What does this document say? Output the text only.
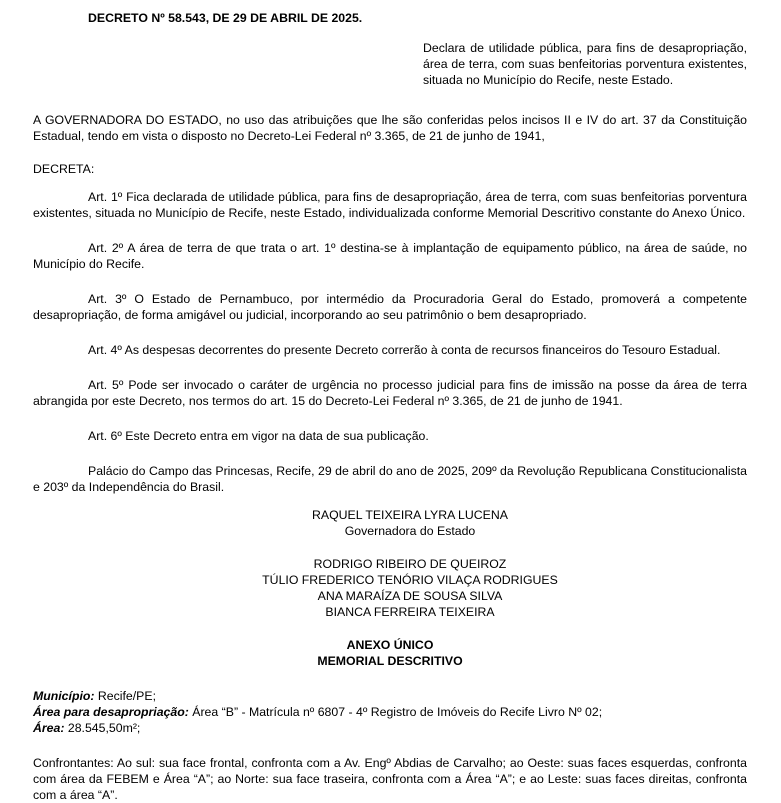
DECRETO Nº 58.543, DE 29 DE ABRIL DE 2025.

Declara de utilidade pública, para fins de desapropriação, área de terra, com suas benfeitorias porventura existentes, situada no Município do Recife, neste Estado.

A GOVERNADORA DO ESTADO, no uso das atribuições que lhe são conferidas pelos incisos II e IV do art. 37 da Constituição Estadual, tendo em vista o disposto no Decreto-Lei Federal nº 3.365, de 21 de junho de 1941,

DECRETA:

Art. 1º Fica declarada de utilidade pública, para fins de desapropriação, área de terra, com suas benfeitorias porventura existentes, situada no Município de Recife, neste Estado, individualizada conforme Memorial Descritivo constante do Anexo Único.

Art. 2º A área de terra de que trata o art. 1º destina-se à implantação de equipamento público, na área de saúde, no Município do Recife.

Art. 3º O Estado de Pernambuco, por intermédio da Procuradoria Geral do Estado, promoverá a competente desapropriação, de forma amigável ou judicial, incorporando ao seu patrimônio o bem desapropriado.

Art. 4º As despesas decorrentes do presente Decreto correrão à conta de recursos financeiros do Tesouro Estadual.

Art. 5º Pode ser invocado o caráter de urgência no processo judicial para fins de imissão na posse da área de terra abrangida por este Decreto, nos termos do art. 15 do Decreto-Lei Federal nº 3.365, de 21 de junho de 1941.

Art. 6º Este Decreto entra em vigor na data de sua publicação.

Palácio do Campo das Princesas, Recife, 29 de abril do ano de 2025, 209º da Revolução Republicana Constitucionalista e 203º da Independência do Brasil.

RAQUEL TEIXEIRA LYRA LUCENA

Governadora do Estado

RODRIGO RIBEIRO DE QUEIROZ

TÚLIO FREDERICO TENÓRIO VILAÇA RODRIGUES

ANA MARAÍZA DE SOUSA SILVA

BIANCA FERREIRA TEIXEIRA

ANEXO ÚNICO

MEMORIAL DESCRITIVO

Município: Recife/PE;

Área para desapropriação: Área “B” - Matrícula nº 6807 - 4º Registro de Imóveis do Recife Livro Nº 02;

Área: 28.545,50m²;

Confrontantes: Ao sul: sua face frontal, confronta com a Av. Engº Abdias de Carvalho; ao Oeste: suas faces esquerdas, confronta com área da FEBEM e Área “A”; ao Norte: sua face traseira, confronta com a Área “A”; e ao Leste: suas faces direitas, confronta com a área “A”.
